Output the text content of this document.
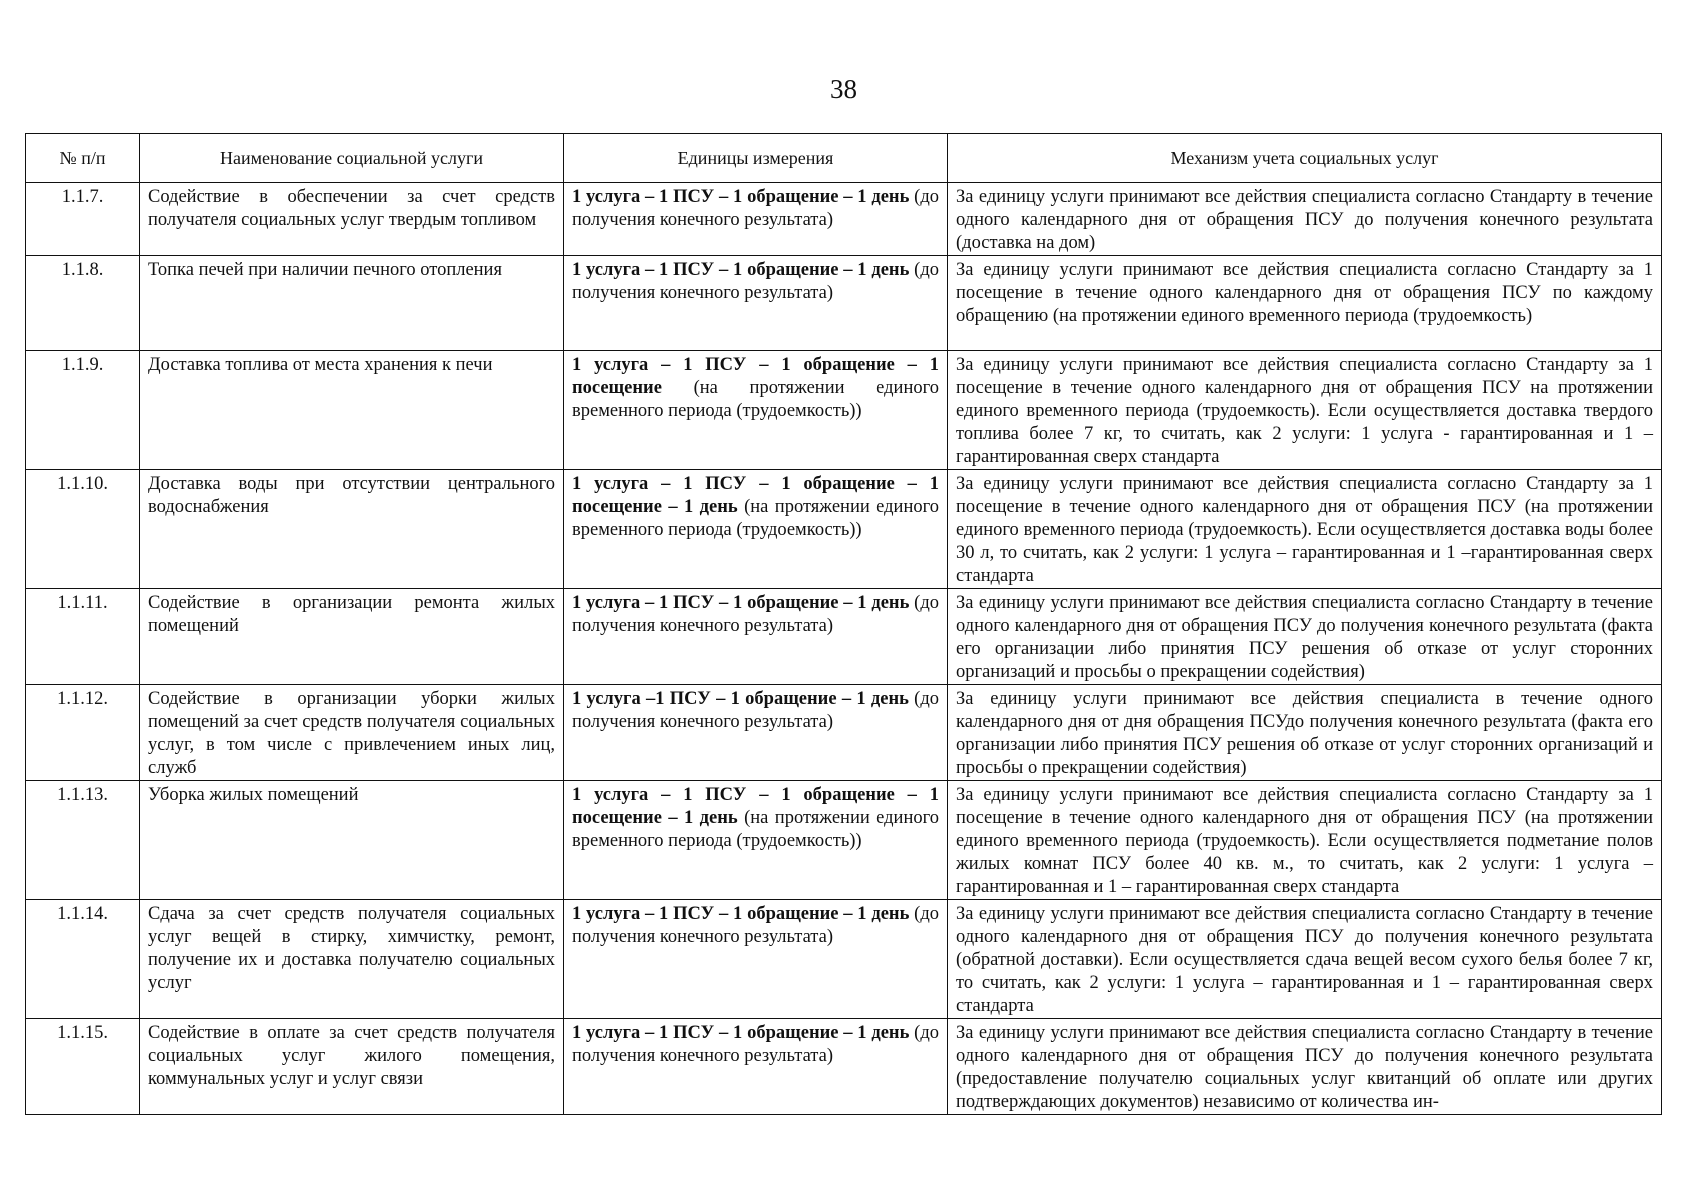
38
№ п/п	Наименование социальной услуги	Единицы измерения	Механизм учета социальных услуг
1.1.7.	Содействие в обеспечении за счет средств получателя социальных услуг твердым топливом	1 услуга – 1 ПСУ – 1 обращение – 1 день (до получения конечного результата)	За единицу услуги принимают все действия специалиста согласно Стандарту в течение одного календарного дня от обращения ПСУ до получения конечного результата (доставка на дом)
1.1.8.	Топка печей при наличии печного отопления	1 услуга – 1 ПСУ – 1 обращение – 1 день (до получения конечного результата)	За единицу услуги принимают все действия специалиста согласно Стандарту за 1 посещение в течение одного календарного дня от обращения ПСУ по каждому обращению (на протяжении единого временного периода (трудоемкость)
1.1.9.	Доставка топлива от места хранения к печи	1 услуга – 1 ПСУ – 1 обращение – 1 посещение (на протяжении единого временного периода (трудоемкость))	За единицу услуги принимают все действия специалиста согласно Стандарту за 1 посещение в течение одного календарного дня от обращения ПСУ на протяжении единого временного периода (трудоемкость). Если осуществляется доставка твердого топлива более 7 кг, то считать, как 2 услуги: 1 услуга - гарантированная и 1 –гарантированная сверх стандарта
1.1.10.	Доставка воды при отсутствии центрального водоснабжения	1 услуга – 1 ПСУ – 1 обращение – 1 посещение – 1 день (на протяжении единого временного периода (трудоемкость))	За единицу услуги принимают все действия специалиста согласно Стандарту за 1 посещение в течение одного календарного дня от обращения ПСУ (на протяжении единого временного периода (трудоемкость). Если осуществляется доставка воды более 30 л, то считать, как 2 услуги: 1 услуга – гарантированная и 1 –гарантированная сверх стандарта
1.1.11.	Содействие в организации ремонта жилых помещений	1 услуга – 1 ПСУ – 1 обращение – 1 день (до получения конечного результата)	За единицу услуги принимают все действия специалиста согласно Стандарту в течение одного календарного дня от обращения ПСУ до получения конечного результата (факта его организации либо принятия ПСУ решения об отказе от услуг сторонних организаций и просьбы о прекращении содействия)
1.1.12.	Содействие в организации уборки жилых помещений за счет средств получателя социальных услуг, в том числе с привлечением иных лиц, служб	1 услуга –1 ПСУ – 1 обращение – 1 день (до получения конечного результата)	За единицу услуги принимают все действия специалиста в течение одного календарного дня от дня обращения ПСУдо получения конечного результата (факта его организации либо принятия ПСУ решения об отказе от услуг сторонних организаций и просьбы о прекращении содействия)
1.1.13.	Уборка жилых помещений	1 услуга – 1 ПСУ – 1 обращение – 1 посещение – 1 день (на протяжении единого временного периода (трудоемкость))	За единицу услуги принимают все действия специалиста согласно Стандарту за 1 посещение в течение одного календарного дня от обращения ПСУ (на протяжении единого временного периода (трудоемкость). Если осуществляется подметание полов жилых комнат ПСУ более 40 кв. м., то считать, как 2 услуги: 1 услуга – гарантированная и 1 – гарантированная сверх стандарта
1.1.14.	Сдача за счет средств получателя социальных услуг вещей в стирку, химчистку, ремонт, получение их и доставка получателю социальных услуг	1 услуга – 1 ПСУ – 1 обращение – 1 день (до получения конечного результата)	За единицу услуги принимают все действия специалиста согласно Стандарту в течение одного календарного дня от обращения ПСУ до получения конечного результата (обратной доставки). Если осуществляется сдача вещей весом сухого белья более 7 кг, то считать, как 2 услуги: 1 услуга – гарантированная и 1 – гарантированная сверх стандарта
1.1.15.	Содействие в оплате за счет средств получателя социальных услуг жилого помещения, коммунальных услуг и услуг связи	1 услуга – 1 ПСУ – 1 обращение – 1 день (до получения конечного результата)	За единицу услуги принимают все действия специалиста согласно Стандарту в течение одного календарного дня от обращения ПСУ до получения конечного результата (предоставление получателю социальных услуг квитанций об оплате или других подтверждающих документов) независимо от количества ин-
